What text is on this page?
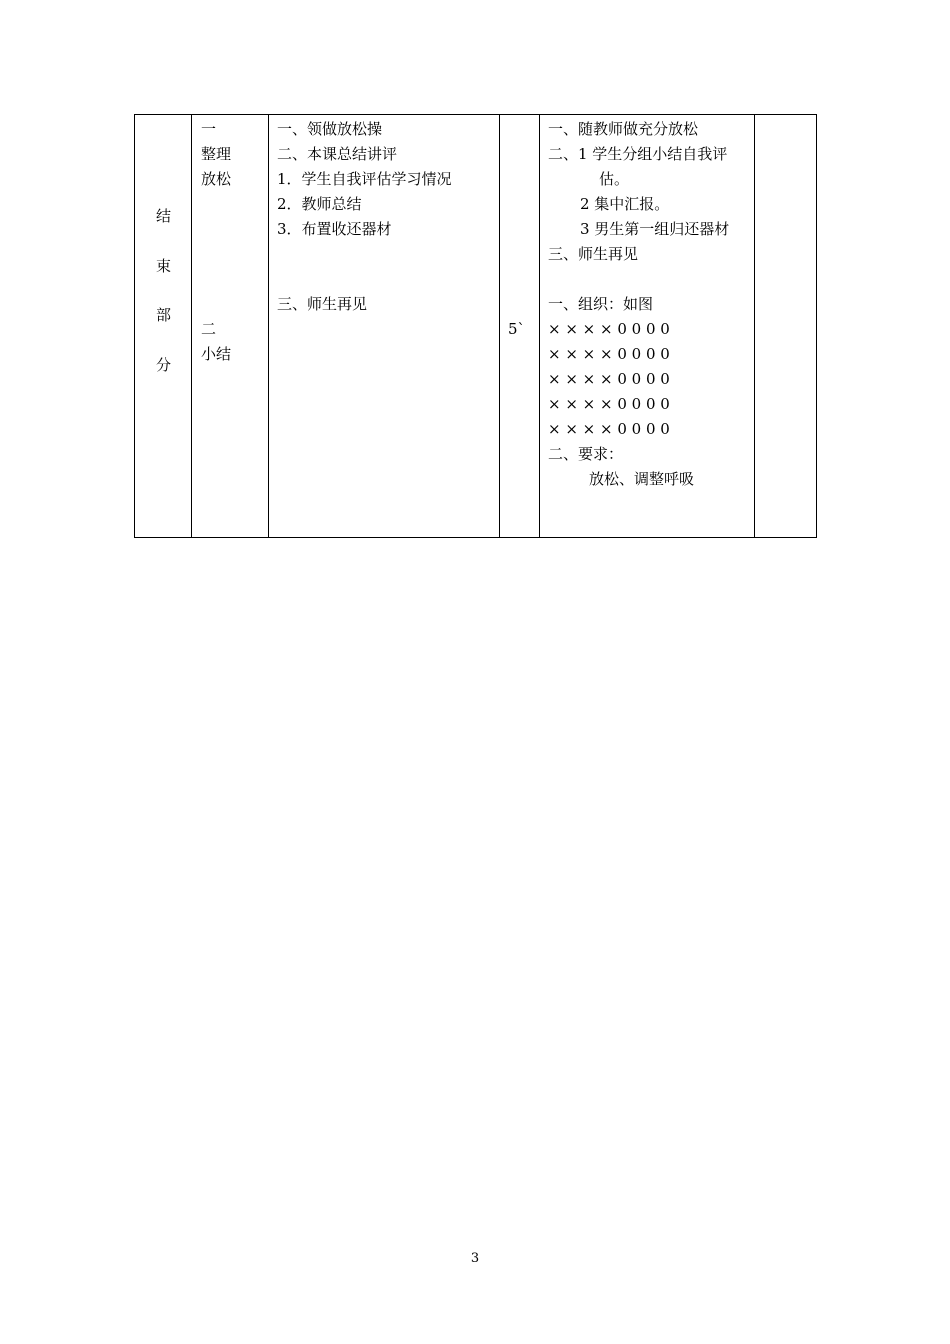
结
束
部
分
一
整理
放松
二
小结
一、领做放松操
二、本课总结讲评
1．学生自我评估学习情况
2．教师总结
3．布置收还器材
三、师生再见
5`
一、随教师做充分放松
二、1 学生分组小结自我评
估。
2 集中汇报。
3 男生第一组归还器材
三、师生再见
一、组织：如图
× × × × 0 0 0 0
× × × × 0 0 0 0
× × × × 0 0 0 0
× × × × 0 0 0 0
× × × × 0 0 0 0
二、要求：
放松、调整呼吸
3
